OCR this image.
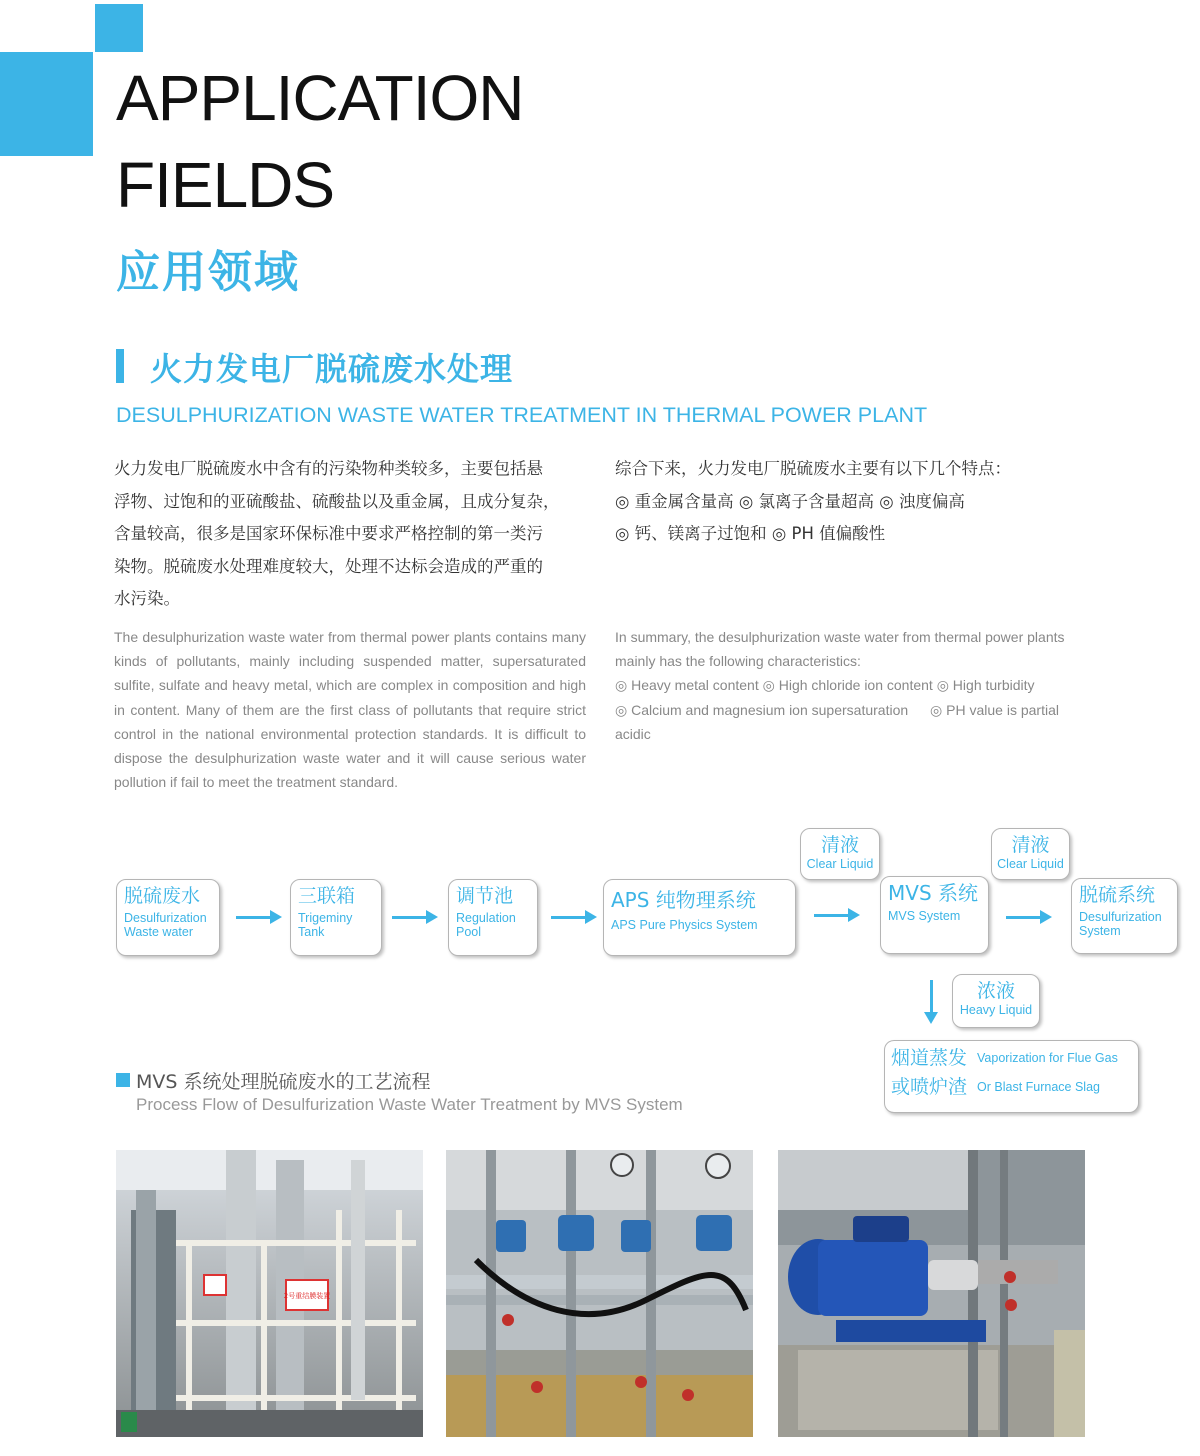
APPLICATION
FIELDS
应用领域
火力发电厂脱硫废水处理
DESULPHURIZATION WASTE WATER TREATMENT IN THERMAL POWER PLANT
火力发电厂脱硫废水中含有的污染物种类较多，主要包括悬
浮物、过饱和的亚硫酸盐、硫酸盐以及重金属，且成分复杂，
含量较高，很多是国家环保标准中要求严格控制的第一类污
染物。脱硫废水处理难度较大，处理不达标会造成的严重的
水污染。
The desulphurization waste water from thermal power plants contains many kinds of pollutants, mainly including suspended matter, supersaturated sulfite, sulfate and heavy metal, which are complex in composition and high in content. Many of them are the first class of pollutants that require strict control in the national environmental protection standards. It is difficult to dispose the desulphurization waste water and it will cause serious water pollution if fail to meet the treatment standard.
综合下来，火力发电厂脱硫废水主要有以下几个特点：
◎ 重金属含量高 ◎ 氯离子含量超高 ◎ 浊度偏高
◎ 钙、镁离子过饱和 ◎ PH 值偏酸性
In summary, the desulphurization waste water from thermal power plants
mainly has the following characteristics:
◎ Heavy metal content ◎ High chloride ion content ◎ High turbidity
◎ Calcium and magnesium ion supersaturation ◎ PH value is partial
acidic
脱硫废水
Desulfurization
Waste water
三联箱
Trigeminy
Tank
调节池
Regulation
Pool
APS 纯物理系统
APS Pure Physics System
清液
Clear Liquid
MVS 系统
MVS System
清液
Clear Liquid
脱硫系统
Desulfurization
System
浓液
Heavy Liquid
烟道蒸发 Vaporization for Flue Gas
或喷炉渣 Or Blast Furnace Slag
MVS 系统处理脱硫废水的工艺流程
Process Flow of Desulfurization Waste Water Treatment by MVS System
2号重结膜装置
